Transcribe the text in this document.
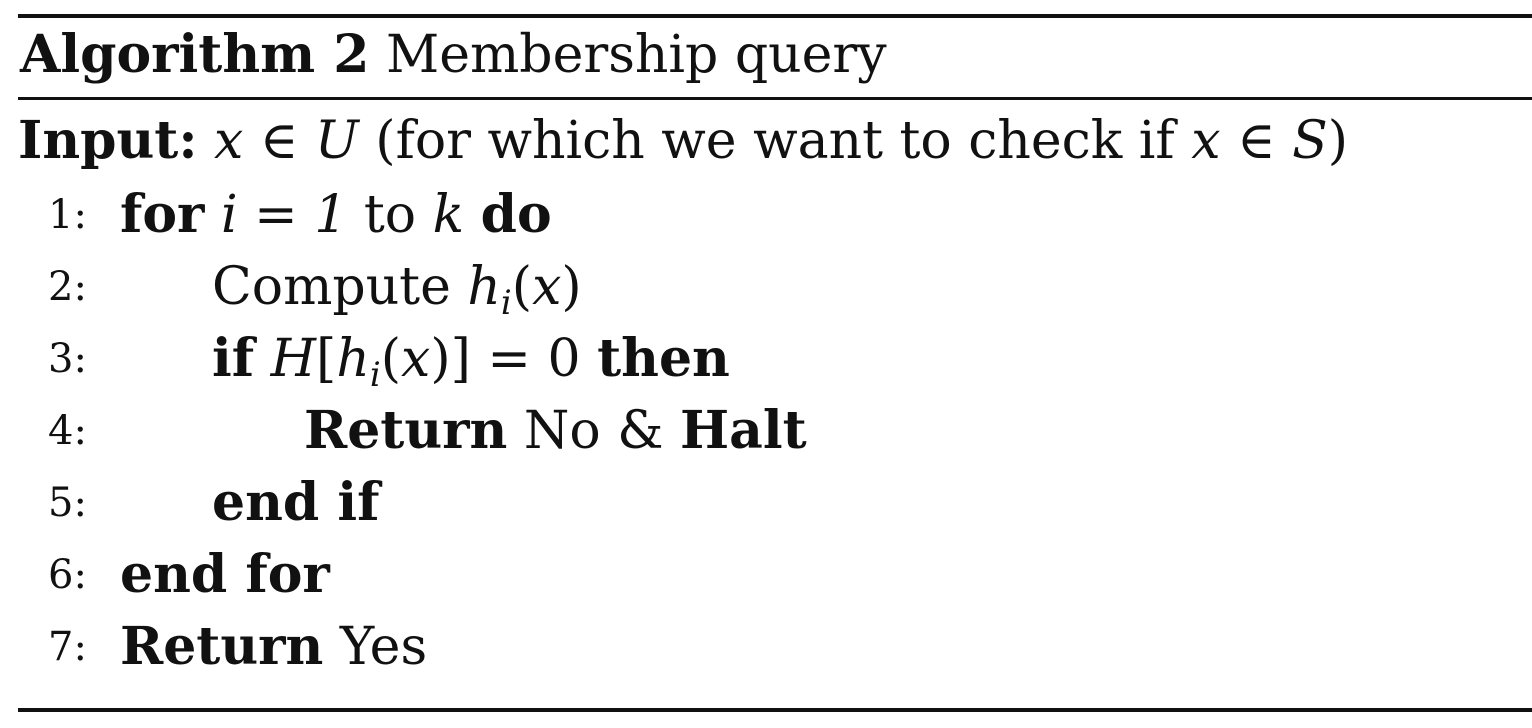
Algorithm 2 Membership query
Input: x ∈ U (for which we want to check if x ∈ S)
1: for i = 1 to k do
2: Compute $h_i(x)$
3: if $H[h_i(x)] = 0$ then
4:	Return No & Halt
5: end if
6: end for
7: Return Yes
